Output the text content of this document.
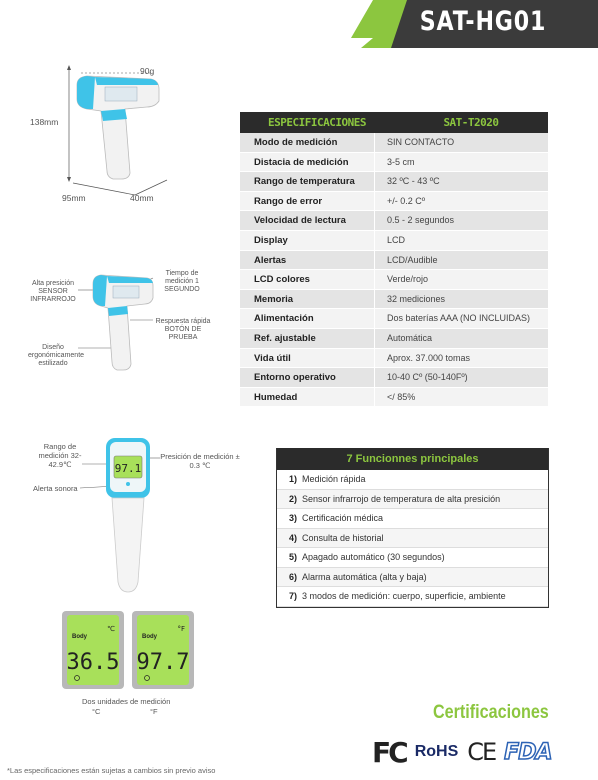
SAT-HG01
90g
138mm
95mm	40mm
Alta presición SENSOR INFRARROJO
Tiempo de medición 1 SEGUNDO
Respuesta rápida BOTÓN DE PRUEBA
Diseño ergonómicamente estilizado
Rango de medición 32-42.9℃
Presición de medición ± 0.3 ℃
Alerta sonora
97.1
Body
℃
36.5
Body
°F
97.7
Dos unidades de medición
°C	°F
ESPECIFICACIONES	SAT-T2020
Modo de medición	SIN CONTACTO
Distacia de medición	3-5 cm
Rango de temperatura	32 ºC - 43 ºC
Rango de error	+/- 0.2 Cº
Velocidad de lectura	0.5 - 2 segundos
Display	LCD
Alertas	LCD/Audible
LCD colores	Verde/rojo
Memoria	32 mediciones
Alimentación	Dos baterías AAA (NO INCLUIDAS)
Ref. ajustable	Automática
Vida útil	Aprox. 37.000 tomas
Entorno operativo	10-40 Cº (50-140Fº)
Humedad	</ 85%
7 Funcionnes principales
1) Medición rápida
2) Sensor infrarrojo de temperatura de alta presición
3) Certificación médica
4) Consulta de historial
5) Apagado automático (30 segundos)
6) Alarma automática (alta y baja)
7) 3 modos de medición: cuerpo, superficie, ambiente
Certificaciones
FC RoHS CE FDA
*Las especificaciones están sujetas a cambios sin previo aviso
